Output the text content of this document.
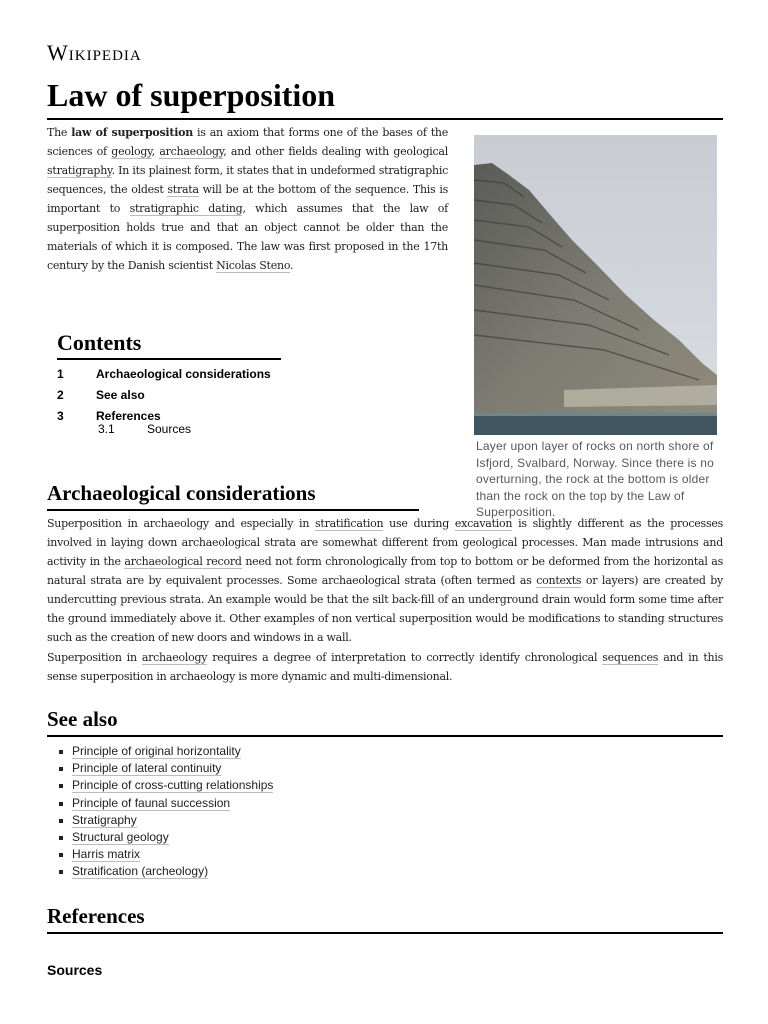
Wikipedia
Law of superposition

The law of superposition is an axiom that forms one of the bases of the sciences of geology, archaeology, and other fields dealing with geological stratigraphy. In its plainest form, it states that in undeformed stratigraphic sequences, the oldest strata will be at the bottom of the sequence. This is important to stratigraphic dating, which assumes that the law of superposition holds true and that an object cannot be older than the materials of which it is composed. The law was first proposed in the 17th century by the Danish scientist Nicolas Steno.

Layer upon layer of rocks on north shore of Isfjord, Svalbard, Norway. Since there is no overturning, the rock at the bottom is older than the rock on the top by the Law of Superposition.
Contents
1	Archaeological considerations
2	See also
3	References
3.1	Sources
Archaeological considerations

Superposition in archaeology and especially in stratification use during excavation is slightly different as the processes involved in laying down archaeological strata are somewhat different from geological processes. Man made intrusions and activity in the archaeological record need not form chronologically from top to bottom or be deformed from the horizontal as natural strata are by equivalent processes. Some archaeological strata (often termed as contexts or layers) are created by undercutting previous strata. An example would be that the silt back-fill of an underground drain would form some time after the ground immediately above it. Other examples of non vertical superposition would be modifications to standing structures such as the creation of new doors and windows in a wall.

Superposition in archaeology requires a degree of interpretation to correctly identify chronological sequences and in this sense superposition in archaeology is more dynamic and multi-dimensional.

See also
Principle of original horizontality
Principle of lateral continuity
Principle of cross-cutting relationships
Principle of faunal succession
Stratigraphy
Structural geology
Harris matrix
Stratification (archeology)
References
Sources
